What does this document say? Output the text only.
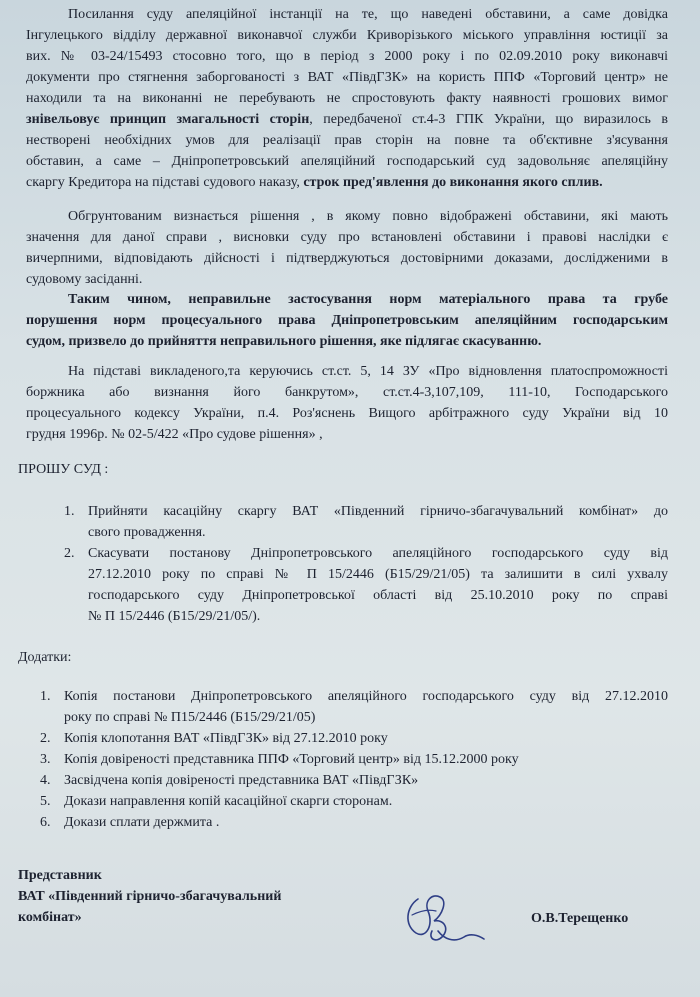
Посилання суду апеляційної інстанції на те, що наведені обставини, а саме довідка
Інгулецького відділу державної виконавчої служби Криворізького міського управління юстиції за
вих. № 03-24/15493 стосовно того, що в період з 2000 року і по 02.09.2010 року виконавчі
документи про стягнення заборгованості з ВАТ «ПівдГЗК» на користь ППФ «Торговий центр» не
находили та на виконанні не перебувають не спростовують факту наявності грошових вимог
знівельовує принцип змагальності сторін, передбаченої ст.4-3 ГПК України, що виразилось в
нестворені необхідних умов для реалізації прав сторін на повне та об'єктивне з'ясування
обставин, а саме – Дніпропетровський апеляційний господарський суд задовольняє апеляційну
скаргу Кредитора на підставі судового наказу, строк пред'явлення до виконання якого сплив.
Обгрунтованим визнається рішення , в якому повно відображені обставини, які мають
значення для даної справи , висновки суду про встановлені обставини і правові наслідки є
вичерпними, відповідають дійсності і підтверджуються достовірними доказами, дослідженими в
судовому засіданні.
Таким чином, неправильне застосування норм матеріального права та грубе
порушення норм процесуального права Дніпропетровським апеляційним господарським
судом, призвело до прийняття неправильного рішення, яке підлягає скасуванню.
На підставі викладеного,та керуючись ст.ст. 5, 14 ЗУ «Про відновлення платоспроможності
боржника або визнання його банкрутом», ст.ст.4-3,107,109, 111-10, Господарського
процесуального кодексу України, п.4. Роз'яснень Вищого арбітражного суду України від 10
грудня 1996р. № 02-5/422 «Про судове рішення» ,
ПРОШУ СУД :
1. Прийняти касаційну скаргу ВАТ «Південний гірничо-збагачувальний комбінат» до
свого провадження.
2. Скасувати постанову Дніпропетровського апеляційного господарського суду від
27.12.2010 року по справі № П 15/2446 (Б15/29/21/05) та залишити в силі ухвалу
господарського суду Дніпропетровської області від 25.10.2010 року по справі
№ П 15/2446 (Б15/29/21/05/).
Додатки:
1. Копія постанови Дніпропетровського апеляційного господарського суду від 27.12.2010
року по справі № П15/2446 (Б15/29/21/05)
2. Копія клопотання ВАТ «ПівдГЗК» від 27.12.2010 року
3. Копія довіреності представника ППФ «Торговий центр» від 15.12.2000 року
4. Засвідчена копія довіреності представника ВАТ «ПівдГЗК»
5. Докази направлення копій касаційної скарги сторонам.
6. Докази сплати держмита .
Представник
ВАТ «Південний гірничо-збагачувальний
комбінат»	О.В.Терещенко
